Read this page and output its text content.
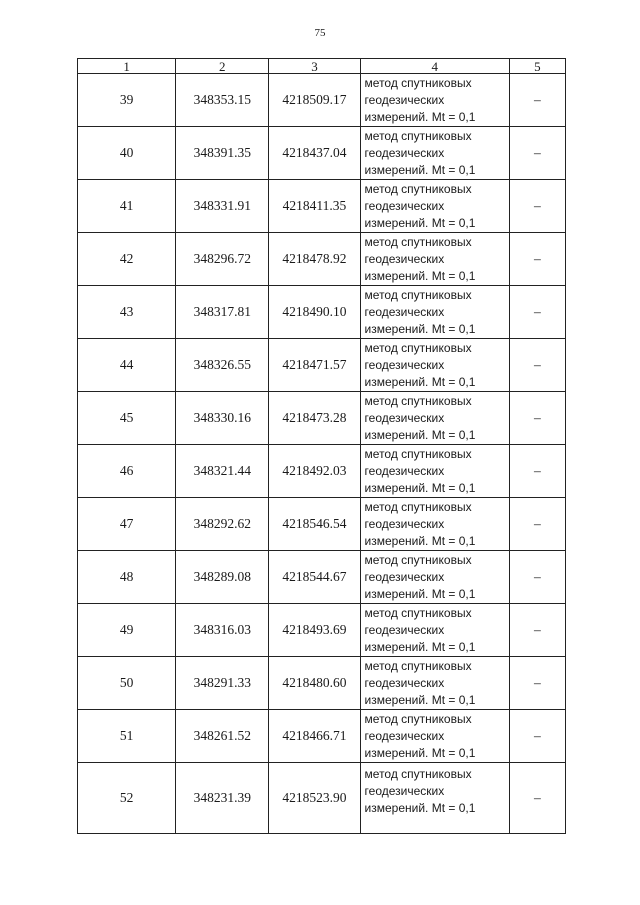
75
1	2	3	4	5
39	348353.15	4218509.17	метод спутниковых
геодезических
измерений. Mt = 0,1	–
40	348391.35	4218437.04	метод спутниковых
геодезических
измерений. Mt = 0,1	–
41	348331.91	4218411.35	метод спутниковых
геодезических
измерений. Mt = 0,1	–
42	348296.72	4218478.92	метод спутниковых
геодезических
измерений. Mt = 0,1	–
43	348317.81	4218490.10	метод спутниковых
геодезических
измерений. Mt = 0,1	–
44	348326.55	4218471.57	метод спутниковых
геодезических
измерений. Mt = 0,1	–
45	348330.16	4218473.28	метод спутниковых
геодезических
измерений. Mt = 0,1	–
46	348321.44	4218492.03	метод спутниковых
геодезических
измерений. Mt = 0,1	–
47	348292.62	4218546.54	метод спутниковых
геодезических
измерений. Mt = 0,1	–
48	348289.08	4218544.67	метод спутниковых
геодезических
измерений. Mt = 0,1	–
49	348316.03	4218493.69	метод спутниковых
геодезических
измерений. Mt = 0,1	–
50	348291.33	4218480.60	метод спутниковых
геодезических
измерений. Mt = 0,1	–
51	348261.52	4218466.71	метод спутниковых
геодезических
измерений. Mt = 0,1	–
52	348231.39	4218523.90	метод спутниковых
геодезических
измерений. Mt = 0,1	–
